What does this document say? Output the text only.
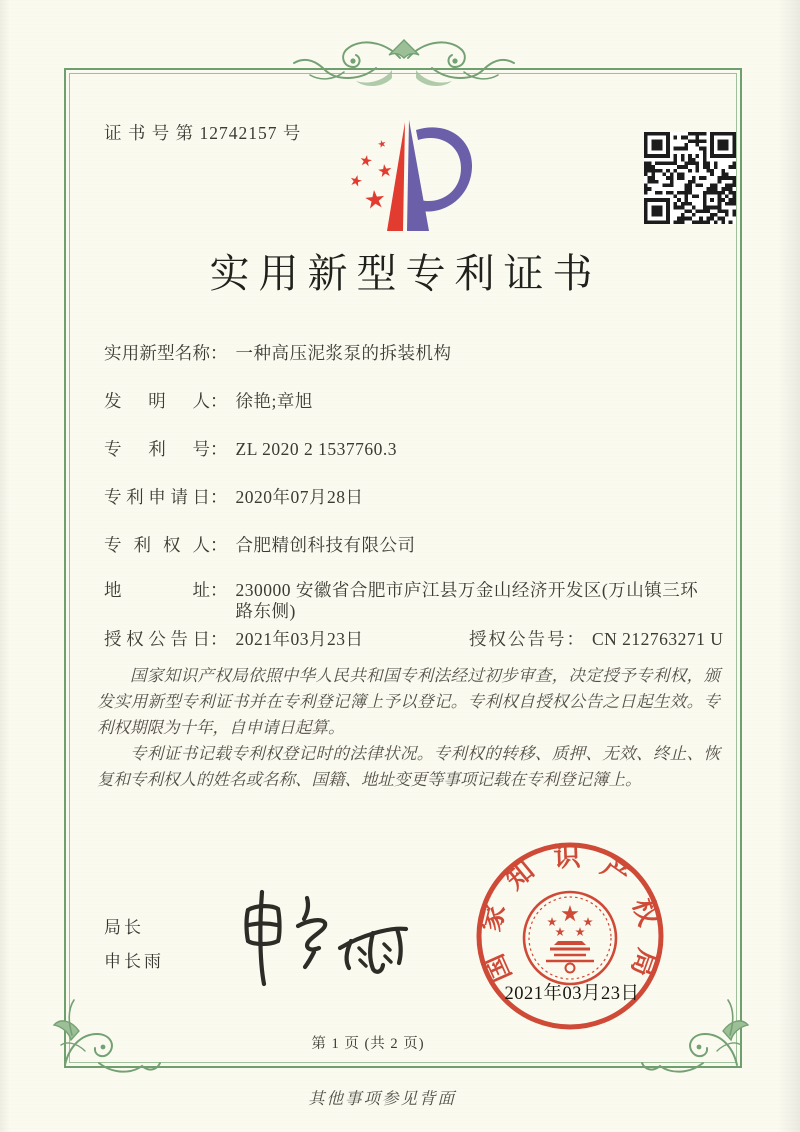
证 书 号 第 12742157 号
实用新型专利证书
实用新型名称： 一种高压泥浆泵的拆装机构
发 明 人： 徐艳;章旭
专 利 号： ZL 2020 2 1537760.3
专利申请日： 2020年07月28日
专 利 权 人： 合肥精创科技有限公司
地 址： 230000 安徽省合肥市庐江县万金山经济开发区(万山镇三环路东侧)
授权公告日： 2021年03月23日	授权公告号： CN 212763271 U

国家知识产权局依照中华人民共和国专利法经过初步审查，决定授予专利权，颁发实用新型专利证书并在专利登记簿上予以登记。专利权自授权公告之日起生效。专利权期限为十年，自申请日起算。

专利证书记载专利权登记时的法律状况。专利权的转移、质押、无效、终止、恢复和专利权人的姓名或名称、国籍、地址变更等事项记载在专利登记簿上。

局长
申长雨	国家知识产权局
2021年03月23日
第 1 页 (共 2 页)
其他事项参见背面
